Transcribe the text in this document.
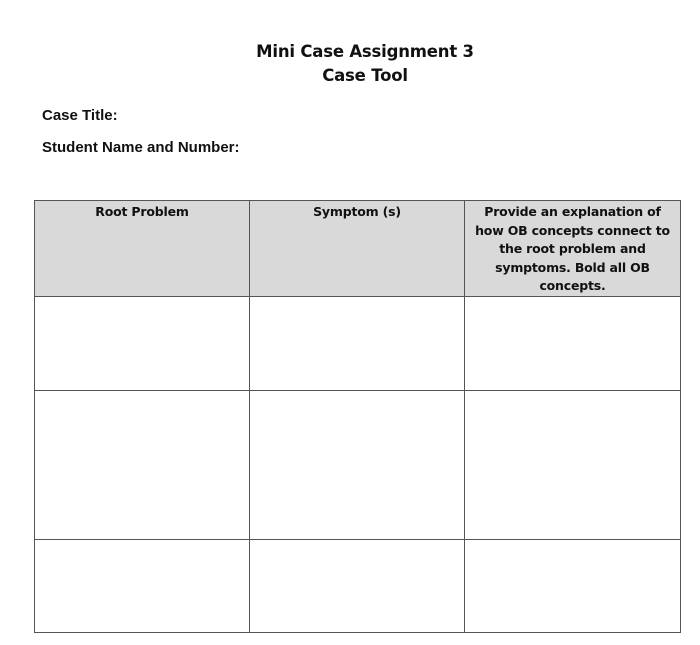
Mini Case Assignment 3
Case Tool
Case Title:
Student Name and Number:
Root Problem	Symptom (s)	Provide an explanation of how OB concepts connect to the root problem and symptoms. Bold all OB concepts.
